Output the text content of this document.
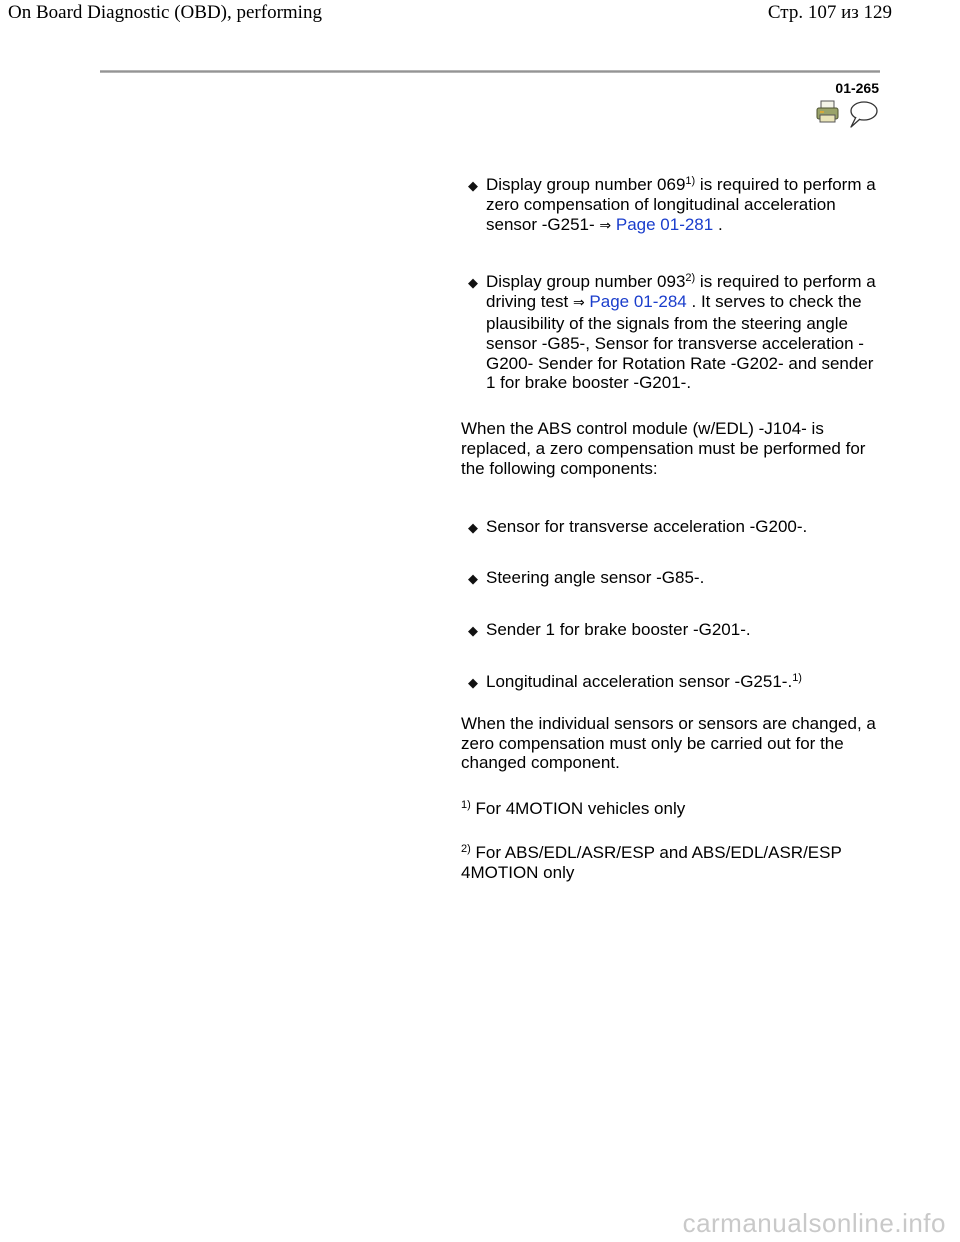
On Board Diagnostic (OBD), performing	Стр. 107 из 129
01-265

◆ Display group number 069$^{1)}$ is required to perform a zero compensation of longitudinal acceleration sensor -G251- ⇒ Page 01-281 .
◆ Display group number 093$^{2)}$ is required to perform a driving test ⇒ Page 01-284 . It serves to check the plausibility of the signals from the steering angle sensor -G85-, Sensor for transverse acceleration -G200- Sender for Rotation Rate -G202- and sender 1 for brake booster -G201-.
When the ABS control module (w/EDL) -J104- is replaced, a zero compensation must be performed for the following components:
◆ Sensor for transverse acceleration -G200-.
◆ Steering angle sensor -G85-.
◆ Sender 1 for brake booster -G201-.
◆ Longitudinal acceleration sensor -G251-.$^{1)}$
When the individual sensors or sensors are changed, a zero compensation must only be carried out for the changed component.
$^{1)}$ For 4MOTION vehicles only
$^{2)}$ For ABS/EDL/ASR/ESP and ABS/EDL/ASR/ESP 4MOTION only
carmanualsonline.info
